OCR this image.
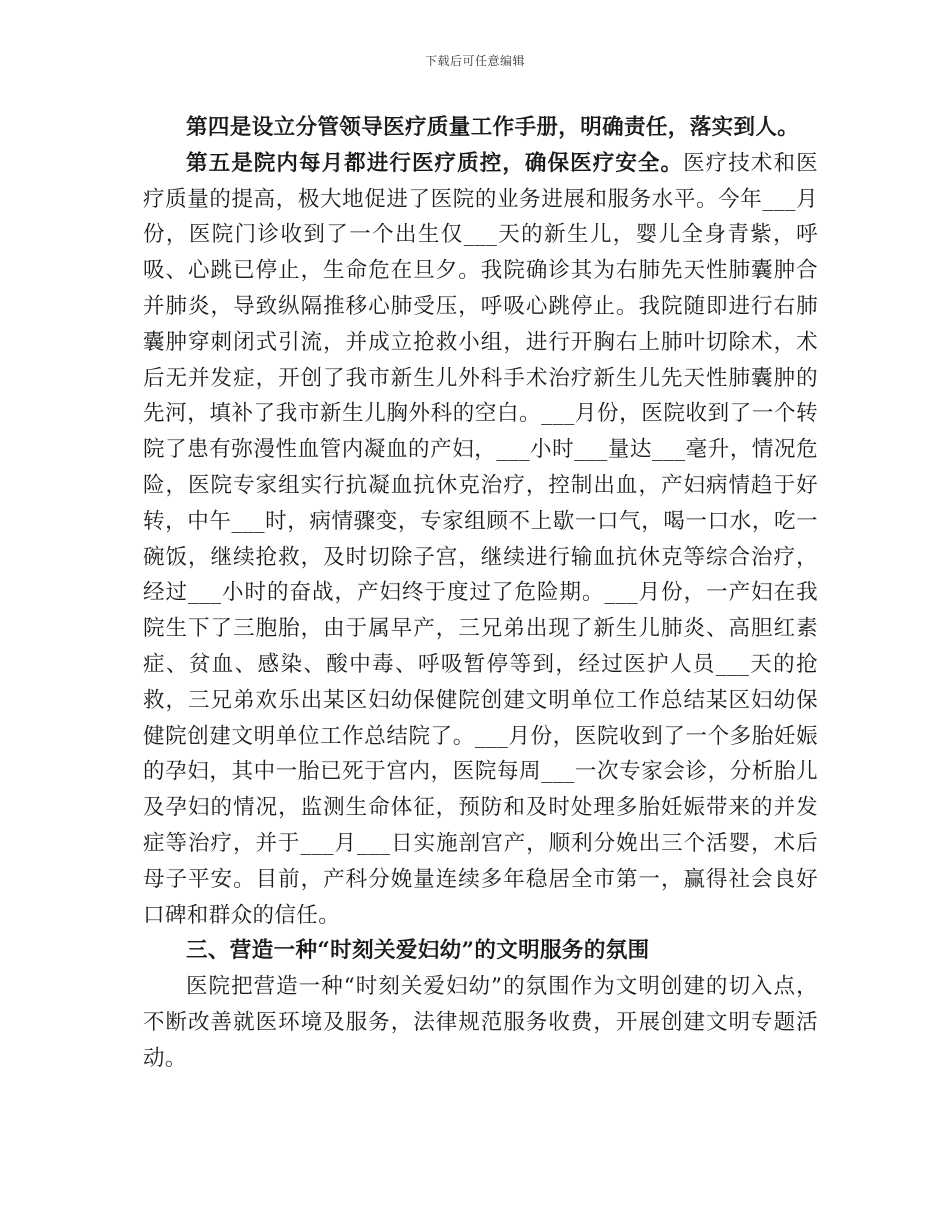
下载后可任意编辑

第四是设立分管领导医疗质量工作手册，明确责任，落实到人。

第五是院内每月都进行医疗质控，确保医疗安全。医疗技术和医疗质量的提高，极大地促进了医院的业务进展和服务水平。今年___月份，医院门诊收到了一个出生仅___天的新生儿，婴儿全身青紫，呼吸、心跳已停止，生命危在旦夕。我院确诊其为右肺先天性肺囊肿合并肺炎，导致纵隔推移心肺受压，呼吸心跳停止。我院随即进行右肺囊肿穿刺闭式引流，并成立抢救小组，进行开胸右上肺叶切除术，术后无并发症，开创了我市新生儿外科手术治疗新生儿先天性肺囊肿的先河，填补了我市新生儿胸外科的空白。___月份，医院收到了一个转院了患有弥漫性血管内凝血的产妇，___小时___量达___毫升，情况危险，医院专家组实行抗凝血抗休克治疗，控制出血，产妇病情趋于好转，中午___时，病情骤变，专家组顾不上歇一口气，喝一口水，吃一碗饭，继续抢救，及时切除子宫，继续进行输血抗休克等综合治疗，经过___小时的奋战，产妇终于度过了危险期。___月份，一产妇在我院生下了三胞胎，由于属早产，三兄弟出现了新生儿肺炎、高胆红素症、贫血、感染、酸中毒、呼吸暂停等到，经过医护人员___天的抢救，三兄弟欢乐出某区妇幼保健院创建文明单位工作总结某区妇幼保健院创建文明单位工作总结院了。___月份，医院收到了一个多胎妊娠的孕妇，其中一胎已死于宫内，医院每周___一次专家会诊，分析胎儿及孕妇的情况，监测生命体征，预防和及时处理多胎妊娠带来的并发症等治疗，并于___月___日实施剖宫产，顺利分娩出三个活婴，术后母子平安。目前，产科分娩量连续多年稳居全市第一，赢得社会良好口碑和群众的信任。

三、营造一种“时刻关爱妇幼”的文明服务的氛围

医院把营造一种“时刻关爱妇幼”的氛围作为文明创建的切入点，不断改善就医环境及服务，法律规范服务收费，开展创建文明专题活动。
